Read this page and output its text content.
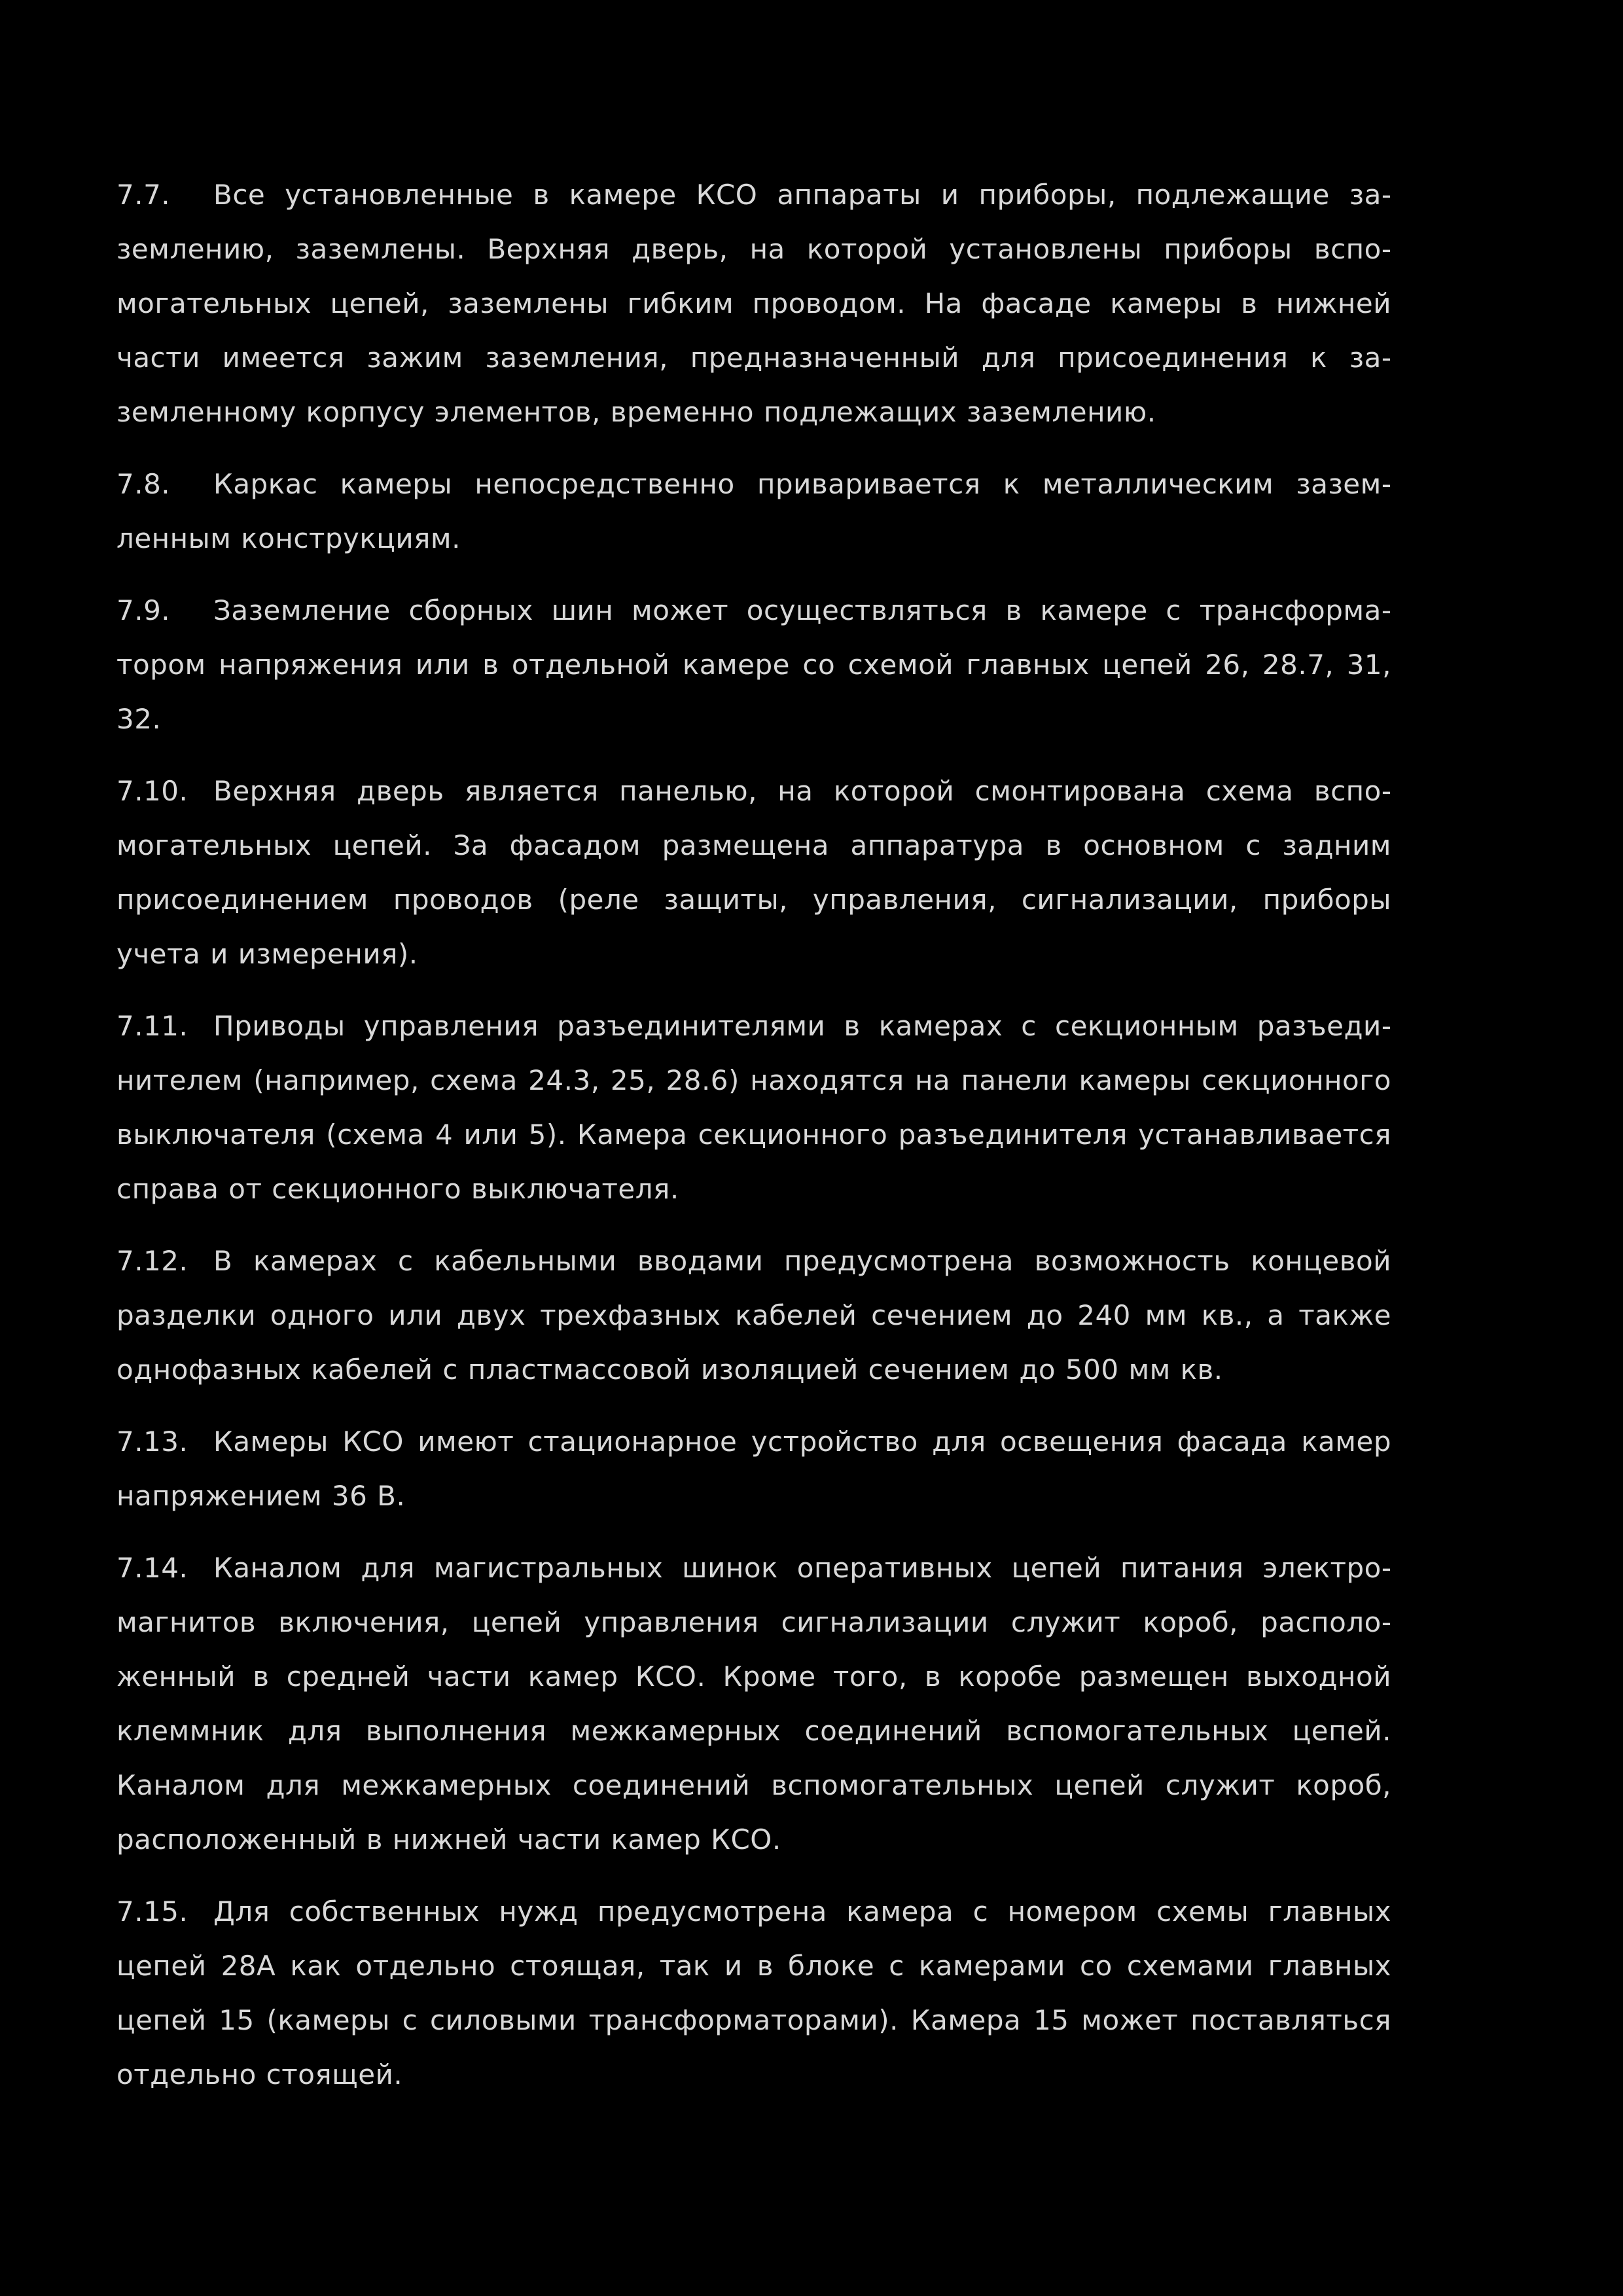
7.7. Все установленные в камере КСО аппараты и приборы, подлежащие заземлению, заземлены. Верхняя дверь, на которой установлены приборы вспомогательных цепей, заземлены гибким проводом. На фасаде камеры в нижней части имеется зажим заземления, предназначенный для присоединения к заземленному корпусу элементов, временно подлежащих заземлению.

7.8. Каркас камеры непосредственно приваривается к металлическим заземленным конструкциям.

7.9. Заземление сборных шин может осуществляться в камере с трансформатором напряжения или в отдельной камере со схемой главных цепей 26, 28.7, 31, 32.

7.10. Верхняя дверь является панелью, на которой смонтирована схема вспомогательных цепей. За фасадом размещена аппаратура в основном с задним присоединением проводов (реле защиты, управления, сигнализации, приборы учета и измерения).

7.11. Приводы управления разъединителями в камерах с секционным разъединителем (например, схема 24.3, 25, 28.6) находятся на панели камеры секционного выключателя (схема 4 или 5). Камера секционного разъединителя устанавливается справа от секционного выключателя.

7.12. В камерах с кабельными вводами предусмотрена возможность концевой разделки одного или двух трехфазных кабелей сечением до 240 мм кв., а также однофазных кабелей с пластмассовой изоляцией сечением до 500 мм кв.

7.13. Камеры КСО имеют стационарное устройство для освещения фасада камер напряжением 36 В.

7.14. Каналом для магистральных шинок оперативных цепей питания электромагнитов включения, цепей управления сигнализации служит короб, расположенный в средней части камер КСО. Кроме того, в коробе размещен выходной клеммник для выполнения межкамерных соединений вспомогательных цепей. Каналом для межкамерных соединений вспомогательных цепей служит короб, расположенный в нижней части камер КСО.

7.15. Для собственных нужд предусмотрена камера с номером схемы главных цепей 28А как отдельно стоящая, так и в блоке с камерами со схемами главных цепей 15 (камеры с силовыми трансформаторами). Камера 15 может поставляться отдельно стоящей.
